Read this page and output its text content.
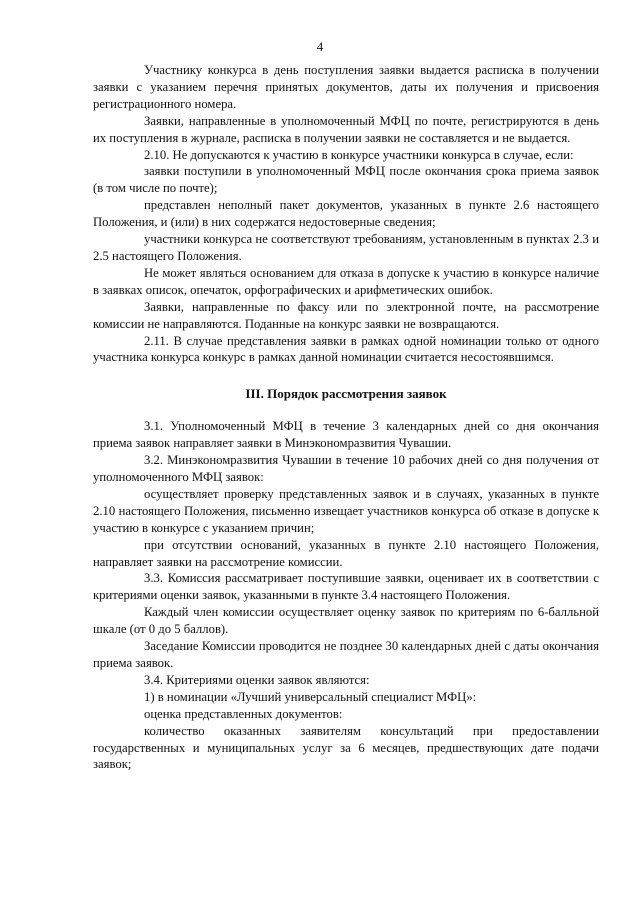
4

Участнику конкурса в день поступления заявки выдается расписка в получении заявки с указанием перечня принятых документов, даты их получения и присвоения регистрационного номера.

Заявки, направленные в уполномоченный МФЦ по почте, регистрируются в день их поступления в журнале, расписка в получении заявки не составляется и не выдается.

2.10. Не допускаются к участию в конкурсе участники конкурса в случае, если:

заявки поступили в уполномоченный МФЦ после окончания срока приема заявок (в том числе по почте);

представлен неполный пакет документов, указанных в пункте 2.6 настоящего Положения, и (или) в них содержатся недостоверные сведения;

участники конкурса не соответствуют требованиям, установленным в пунктах 2.3 и 2.5 настоящего Положения.

Не может являться основанием для отказа в допуске к участию в конкурсе наличие в заявках описок, опечаток, орфографических и арифметических ошибок.

Заявки, направленные по факсу или по электронной почте, на рассмотрение комиссии не направляются. Поданные на конкурс заявки не возвращаются.

2.11. В случае представления заявки в рамках одной номинации только от одного участника конкурса конкурс в рамках данной номинации считается несостоявшимся.

III. Порядок рассмотрения заявок

3.1. Уполномоченный МФЦ в течение 3 календарных дней со дня окончания приема заявок направляет заявки в Минэкономразвития Чувашии.

3.2. Минэкономразвития Чувашии в течение 10 рабочих дней со дня получения от уполномоченного МФЦ заявок:

осуществляет проверку представленных заявок и в случаях, указанных в пункте 2.10 настоящего Положения, письменно извещает участников конкурса об отказе в допуске к участию в конкурсе с указанием причин;

при отсутствии оснований, указанных в пункте 2.10 настоящего Положения, направляет заявки на рассмотрение комиссии.

3.3. Комиссия рассматривает поступившие заявки, оценивает их в соответствии с критериями оценки заявок, указанными в пункте 3.4 настоящего Положения.

Каждый член комиссии осуществляет оценку заявок по критериям по 6-балльной шкале (от 0 до 5 баллов).

Заседание Комиссии проводится не позднее 30 календарных дней с даты окончания приема заявок.

3.4. Критериями оценки заявок являются:

1) в номинации «Лучший универсальный специалист МФЦ»:

оценка представленных документов:

количество оказанных заявителям консультаций при предоставлении государственных и муниципальных услуг за 6 месяцев, предшествующих дате подачи заявок;
